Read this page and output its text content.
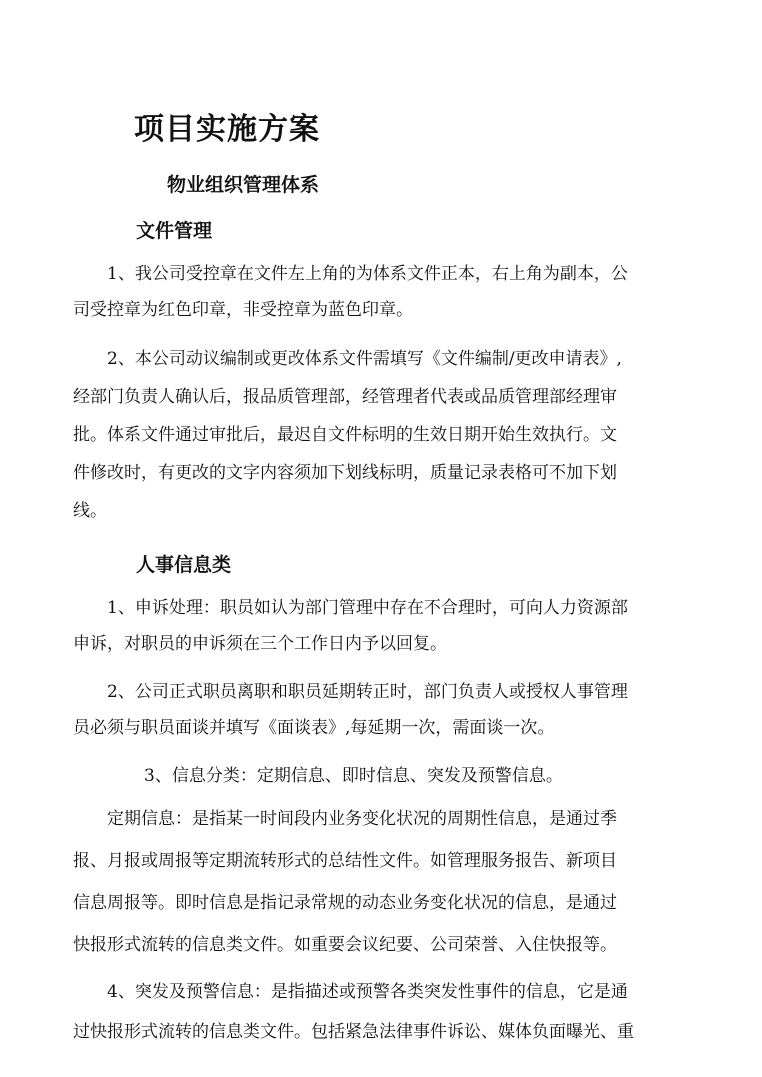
项目实施方案
物业组织管理体系
文件管理
1、我公司受控章在文件左上角的为体系文件正本，右上角为副本，公
司受控章为红色印章，非受控章为蓝色印章。
2、本公司动议编制或更改体系文件需填写《文件编制/更改申请表》,
经部门负责人确认后，报品质管理部，经管理者代表或品质管理部经理审
批。体系文件通过审批后，最迟自文件标明的生效日期开始生效执行。文
件修改时，有更改的文字内容须加下划线标明，质量记录表格可不加下划
线。
人事信息类
1、申诉处理：职员如认为部门管理中存在不合理时，可向人力资源部
申诉，对职员的申诉须在三个工作日内予以回复。
2、公司正式职员离职和职员延期转正时，部门负责人或授权人事管理
员必须与职员面谈并填写《面谈表》,每延期一次，需面谈一次。

3、信息分类：定期信息、即时信息、突发及预警信息。

定期信息：是指某一时间段内业务变化状况的周期性信息，是通过季
报、月报或周报等定期流转形式的总结性文件。如管理服务报告、新项目
信息周报等。即时信息是指记录常规的动态业务变化状况的信息，是通过
快报形式流转的信息类文件。如重要会议纪要、公司荣誉、入住快报等。
4、突发及预警信息：是指描述或预警各类突发性事件的信息，它是通
过快报形式流转的信息类文件。包括紧急法律事件诉讼、媒体负面曝光、重
